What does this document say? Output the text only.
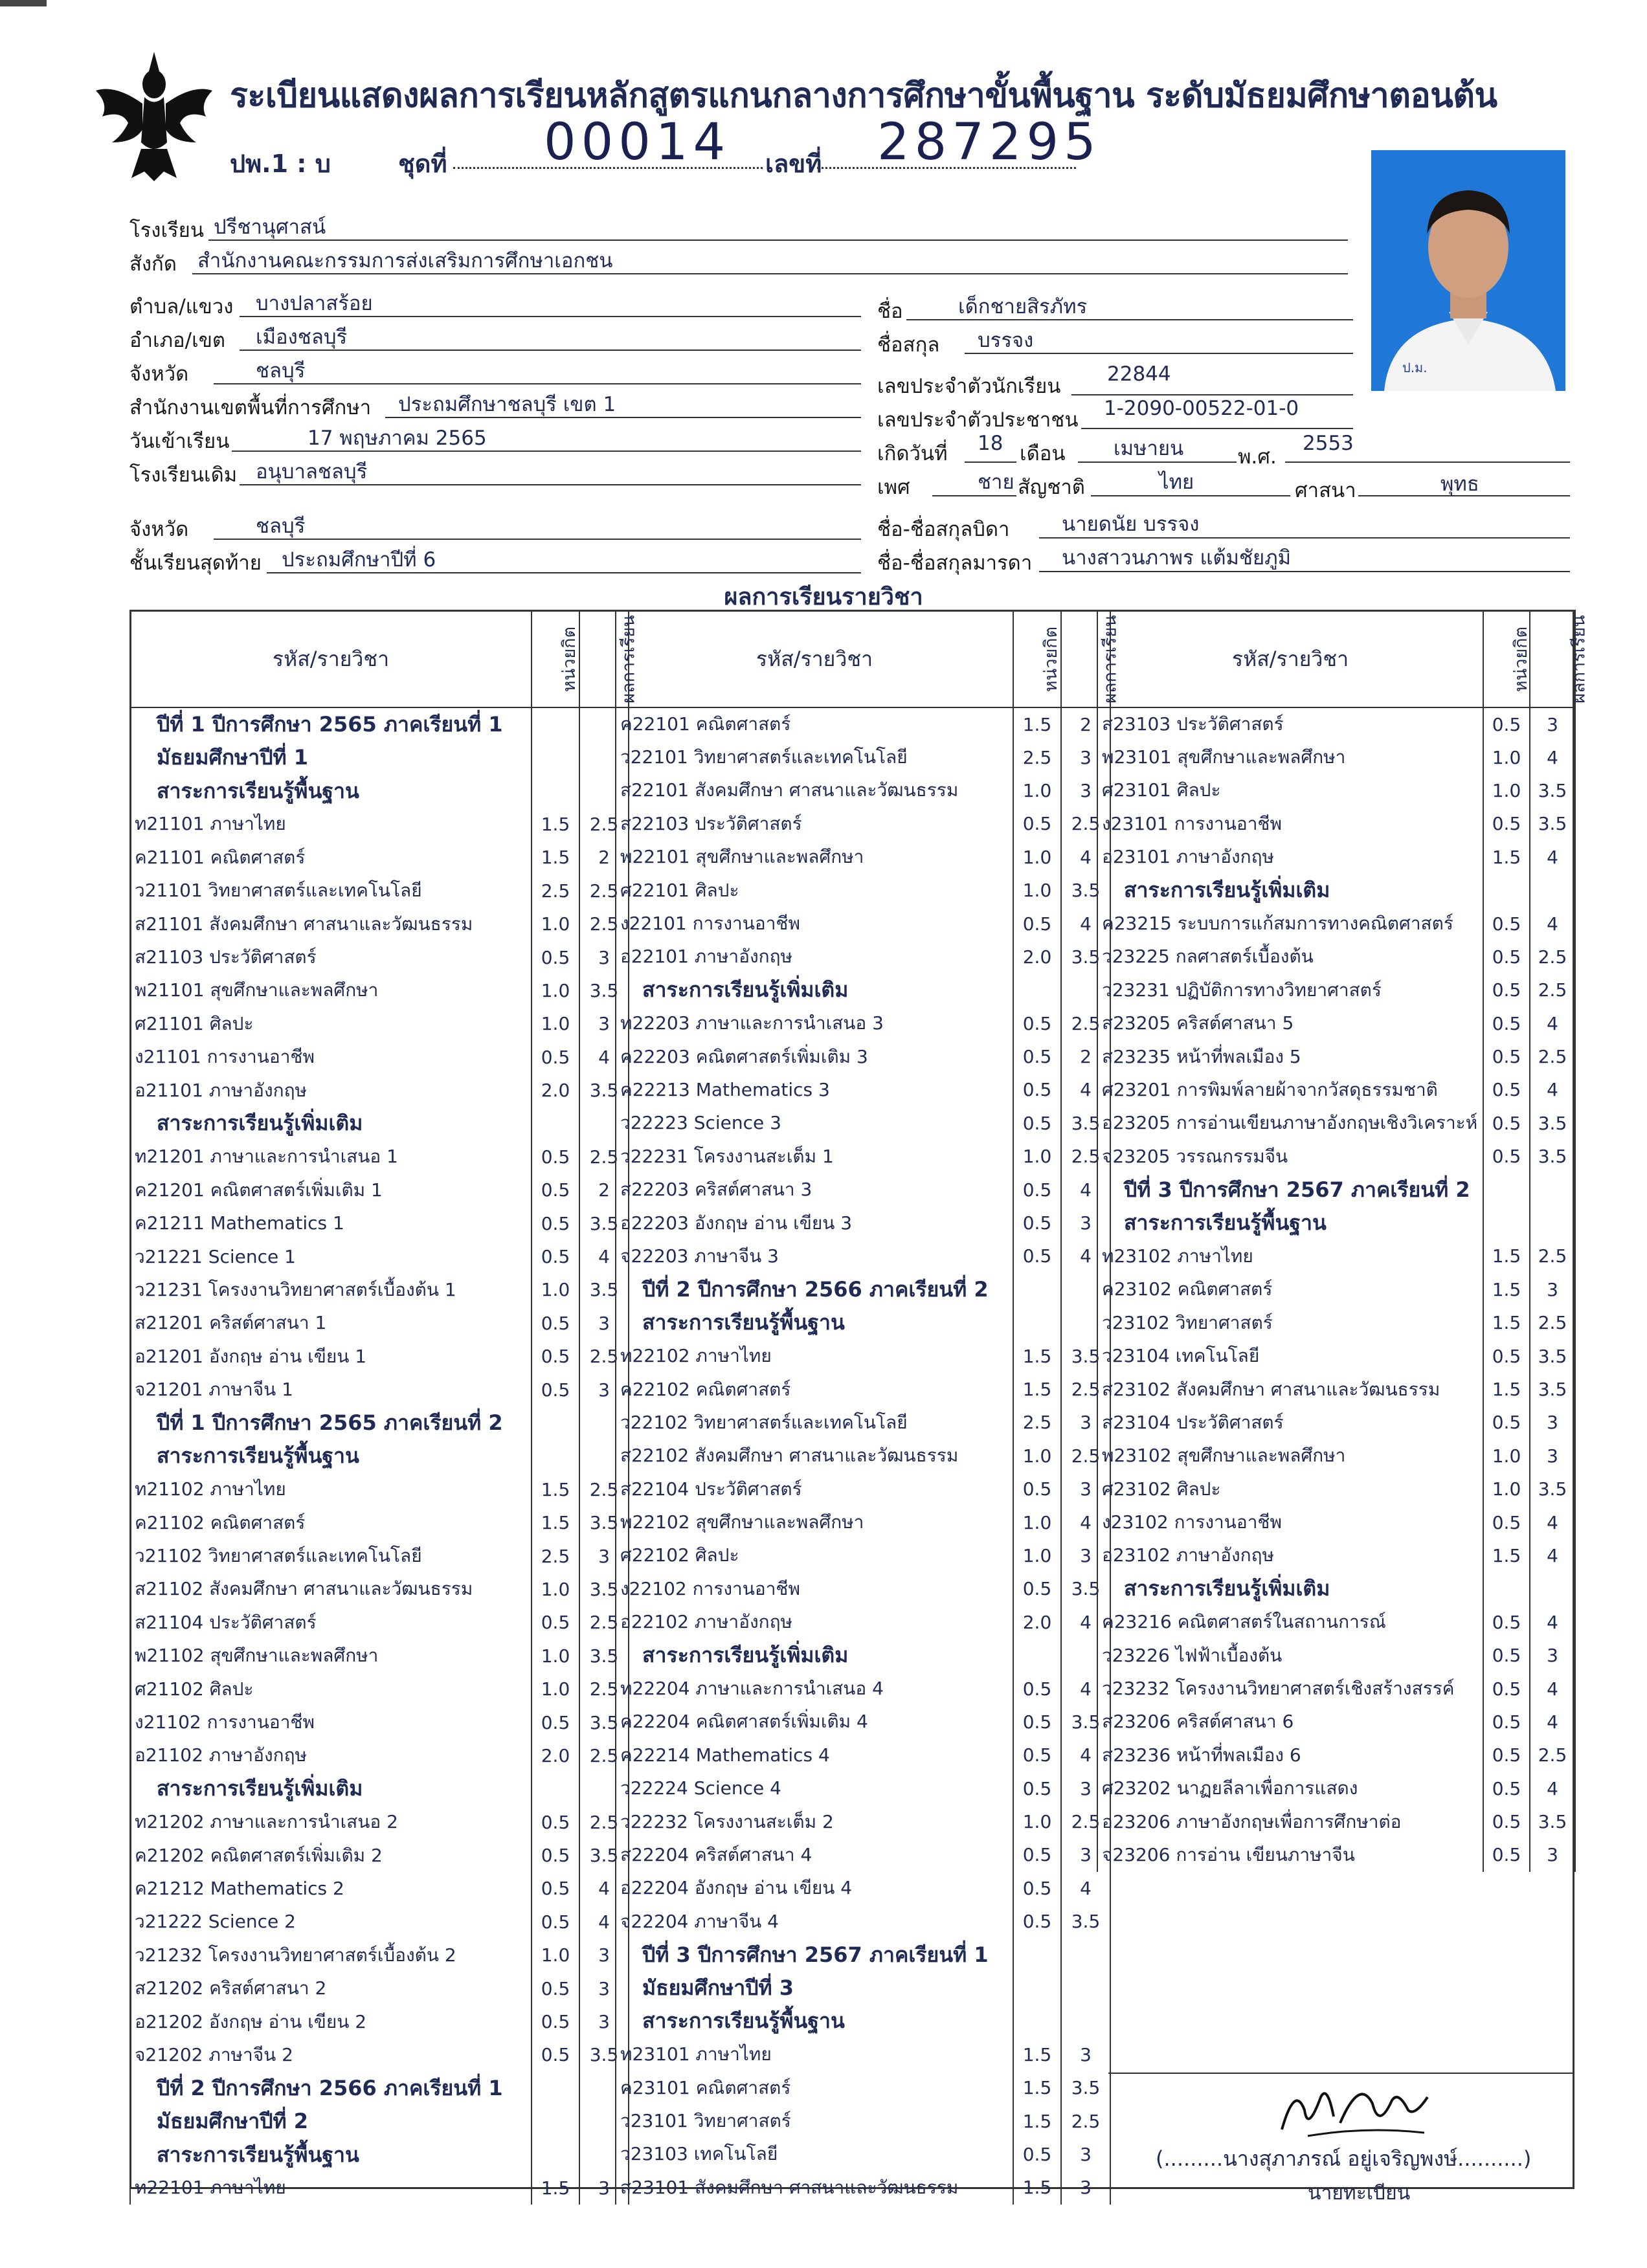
ระเบียนแสดงผลการเรียนหลักสูตรแกนกลางการศึกษาขั้นพื้นฐาน ระดับมัธยมศึกษาตอนต้น
ปพ.1 : บ	ชุดที่ 00014 เลขที่ 287295
ป.ม.
โรงเรียน ปรีชานุศาสน์
สังกัด สำนักงานคณะกรรมการส่งเสริมการศึกษาเอกชน
ตำบล/แขวง บางปลาสร้อย
อำเภอ/เขต เมืองชลบุรี
จังหวัด	ชลบุรี
สำนักงานเขตพื้นที่การศึกษา ประถมศึกษาชลบุรี เขต 1
วันเข้าเรียน	17 พฤษภาคม 2565
โรงเรียนเดิม อนุบาลชลบุรี
จังหวัด	ชลบุรี
ชั้นเรียนสุดท้าย ประถมศึกษาปีที่ 6
ชื่อ	เด็กชายสิรภัทร
ชื่อสกุล บรรจง
เลขประจำตัวนักเรียน
22844
เลขประจำตัวประชาชน 1-2090-00522-01-0
เกิดวันที่ 18 เดือน เมษายน	พ.ศ.
2553
เพศ	ชาย สัญชาติ	ไทย	ศาสนา	พุทธ
ชื่อ-ชื่อสกุลบิดา	นายดนัย บรรจง
ชื่อ-ชื่อสกุลมารดา นางสาวนภาพร แต้มชัยภูมิ
ผลการเรียนรายวิชา
รหัส/รายวิชา	หน่วยกิต	ผลการเรียน
ปีที่ 1 ปีการศึกษา 2565 ภาคเรียนที่ 1		
มัธยมศึกษาปีที่ 1		
สาระการเรียนรู้พื้นฐาน		
ท21101 ภาษาไทย	1.5	2.5
ค21101 คณิตศาสตร์	1.5	2
ว21101 วิทยาศาสตร์และเทคโนโลยี	2.5	2.5
ส21101 สังคมศึกษา ศาสนาและวัฒนธรรม	1.0	2.5
ส21103 ประวัติศาสตร์	0.5	3
พ21101 สุขศึกษาและพลศึกษา	1.0	3.5
ศ21101 ศิลปะ	1.0	3
ง21101 การงานอาชีพ	0.5	4
อ21101 ภาษาอังกฤษ	2.0	3.5
สาระการเรียนรู้เพิ่มเติม		
ท21201 ภาษาและการนำเสนอ 1	0.5	2.5
ค21201 คณิตศาสตร์เพิ่มเติม 1	0.5	2
ค21211 Mathematics 1	0.5	3.5
ว21221 Science 1	0.5	4
ว21231 โครงงานวิทยาศาสตร์เบื้องต้น 1	1.0	3.5
ส21201 คริสต์ศาสนา 1	0.5	3
อ21201 อังกฤษ อ่าน เขียน 1	0.5	2.5
จ21201 ภาษาจีน 1	0.5	3
ปีที่ 1 ปีการศึกษา 2565 ภาคเรียนที่ 2		
สาระการเรียนรู้พื้นฐาน		
ท21102 ภาษาไทย	1.5	2.5
ค21102 คณิตศาสตร์	1.5	3.5
ว21102 วิทยาศาสตร์และเทคโนโลยี	2.5	3
ส21102 สังคมศึกษา ศาสนาและวัฒนธรรม	1.0	3.5
ส21104 ประวัติศาสตร์	0.5	2.5
พ21102 สุขศึกษาและพลศึกษา	1.0	3.5
ศ21102 ศิลปะ	1.0	2.5
ง21102 การงานอาชีพ	0.5	3.5
อ21102 ภาษาอังกฤษ	2.0	2.5
สาระการเรียนรู้เพิ่มเติม		
ท21202 ภาษาและการนำเสนอ 2	0.5	2.5
ค21202 คณิตศาสตร์เพิ่มเติม 2	0.5	3.5
ค21212 Mathematics 2	0.5	4
ว21222 Science 2	0.5	4
ว21232 โครงงานวิทยาศาสตร์เบื้องต้น 2	1.0	3
ส21202 คริสต์ศาสนา 2	0.5	3
อ21202 อังกฤษ อ่าน เขียน 2	0.5	3
จ21202 ภาษาจีน 2	0.5	3.5
ปีที่ 2 ปีการศึกษา 2566 ภาคเรียนที่ 1		
มัธยมศึกษาปีที่ 2		
สาระการเรียนรู้พื้นฐาน		
ท22101 ภาษาไทย	1.5	3
รหัส/รายวิชา	หน่วยกิต	ผลการเรียน
ค22101 คณิตศาสตร์	1.5	2
ว22101 วิทยาศาสตร์และเทคโนโลยี	2.5	3
ส22101 สังคมศึกษา ศาสนาและวัฒนธรรม	1.0	3
ส22103 ประวัติศาสตร์	0.5	2.5
พ22101 สุขศึกษาและพลศึกษา	1.0	4
ศ22101 ศิลปะ	1.0	3.5
ง22101 การงานอาชีพ	0.5	4
อ22101 ภาษาอังกฤษ	2.0	3.5
สาระการเรียนรู้เพิ่มเติม		
ท22203 ภาษาและการนำเสนอ 3	0.5	2.5
ค22203 คณิตศาสตร์เพิ่มเติม 3	0.5	2
ค22213 Mathematics 3	0.5	4
ว22223 Science 3	0.5	3.5
ว22231 โครงงานสะเต็ม 1	1.0	2.5
ส22203 คริสต์ศาสนา 3	0.5	4
อ22203 อังกฤษ อ่าน เขียน 3	0.5	3
จ22203 ภาษาจีน 3	0.5	4
ปีที่ 2 ปีการศึกษา 2566 ภาคเรียนที่ 2		
สาระการเรียนรู้พื้นฐาน		
ท22102 ภาษาไทย	1.5	3.5
ค22102 คณิตศาสตร์	1.5	2.5
ว22102 วิทยาศาสตร์และเทคโนโลยี	2.5	3
ส22102 สังคมศึกษา ศาสนาและวัฒนธรรม	1.0	2.5
ส22104 ประวัติศาสตร์	0.5	3
พ22102 สุขศึกษาและพลศึกษา	1.0	4
ศ22102 ศิลปะ	1.0	3
ง22102 การงานอาชีพ	0.5	3.5
อ22102 ภาษาอังกฤษ	2.0	4
สาระการเรียนรู้เพิ่มเติม		
ท22204 ภาษาและการนำเสนอ 4	0.5	4
ค22204 คณิตศาสตร์เพิ่มเติม 4	0.5	3.5
ค22214 Mathematics 4	0.5	4
ว22224 Science 4	0.5	3
ว22232 โครงงานสะเต็ม 2	1.0	2.5
ส22204 คริสต์ศาสนา 4	0.5	3
อ22204 อังกฤษ อ่าน เขียน 4	0.5	4
จ22204 ภาษาจีน 4	0.5	3.5
ปีที่ 3 ปีการศึกษา 2567 ภาคเรียนที่ 1		
มัธยมศึกษาปีที่ 3		
สาระการเรียนรู้พื้นฐาน		
ท23101 ภาษาไทย	1.5	3
ค23101 คณิตศาสตร์	1.5	3.5
ว23101 วิทยาศาสตร์	1.5	2.5
ว23103 เทคโนโลยี	0.5	3
ส23101 สังคมศึกษา ศาสนาและวัฒนธรรม	1.5	3
รหัส/รายวิชา	หน่วยกิต	ผลการเรียน
ส23103 ประวัติศาสตร์	0.5	3
พ23101 สุขศึกษาและพลศึกษา	1.0	4
ศ23101 ศิลปะ	1.0	3.5
ง23101 การงานอาชีพ	0.5	3.5
อ23101 ภาษาอังกฤษ	1.5	4
สาระการเรียนรู้เพิ่มเติม		
ค23215 ระบบการแก้สมการทางคณิตศาสตร์	0.5	4
ว23225 กลศาสตร์เบื้องต้น	0.5	2.5
ว23231 ปฏิบัติการทางวิทยาศาสตร์	0.5	2.5
ส23205 คริสต์ศาสนา 5	0.5	4
ส23235 หน้าที่พลเมือง 5	0.5	2.5
ศ23201 การพิมพ์ลายผ้าจากวัสดุธรรมชาติ	0.5	4
อ23205 การอ่านเขียนภาษาอังกฤษเชิงวิเคราะห์	0.5	3.5
จ23205 วรรณกรรมจีน	0.5	3.5
ปีที่ 3 ปีการศึกษา 2567 ภาคเรียนที่ 2		
สาระการเรียนรู้พื้นฐาน		
ท23102 ภาษาไทย	1.5	2.5
ค23102 คณิตศาสตร์	1.5	3
ว23102 วิทยาศาสตร์	1.5	2.5
ว23104 เทคโนโลยี	0.5	3.5
ส23102 สังคมศึกษา ศาสนาและวัฒนธรรม	1.5	3.5
ส23104 ประวัติศาสตร์	0.5	3
พ23102 สุขศึกษาและพลศึกษา	1.0	3
ศ23102 ศิลปะ	1.0	3.5
ง23102 การงานอาชีพ	0.5	4
อ23102 ภาษาอังกฤษ	1.5	4
สาระการเรียนรู้เพิ่มเติม		
ค23216 คณิตศาสตร์ในสถานการณ์	0.5	4
ว23226 ไฟฟ้าเบื้องต้น	0.5	3
ว23232 โครงงานวิทยาศาสตร์เชิงสร้างสรรค์	0.5	4
ส23206 คริสต์ศาสนา 6	0.5	4
ส23236 หน้าที่พลเมือง 6	0.5	2.5
ศ23202 นาฏยลีลาเพื่อการแสดง	0.5	4
อ23206 ภาษาอังกฤษเพื่อการศึกษาต่อ	0.5	3.5
จ23206 การอ่าน เขียนภาษาจีน	0.5	3
(.........นางสุภาภรณ์ อยู่เจริญพงษ์..........)
นายทะเบียน
